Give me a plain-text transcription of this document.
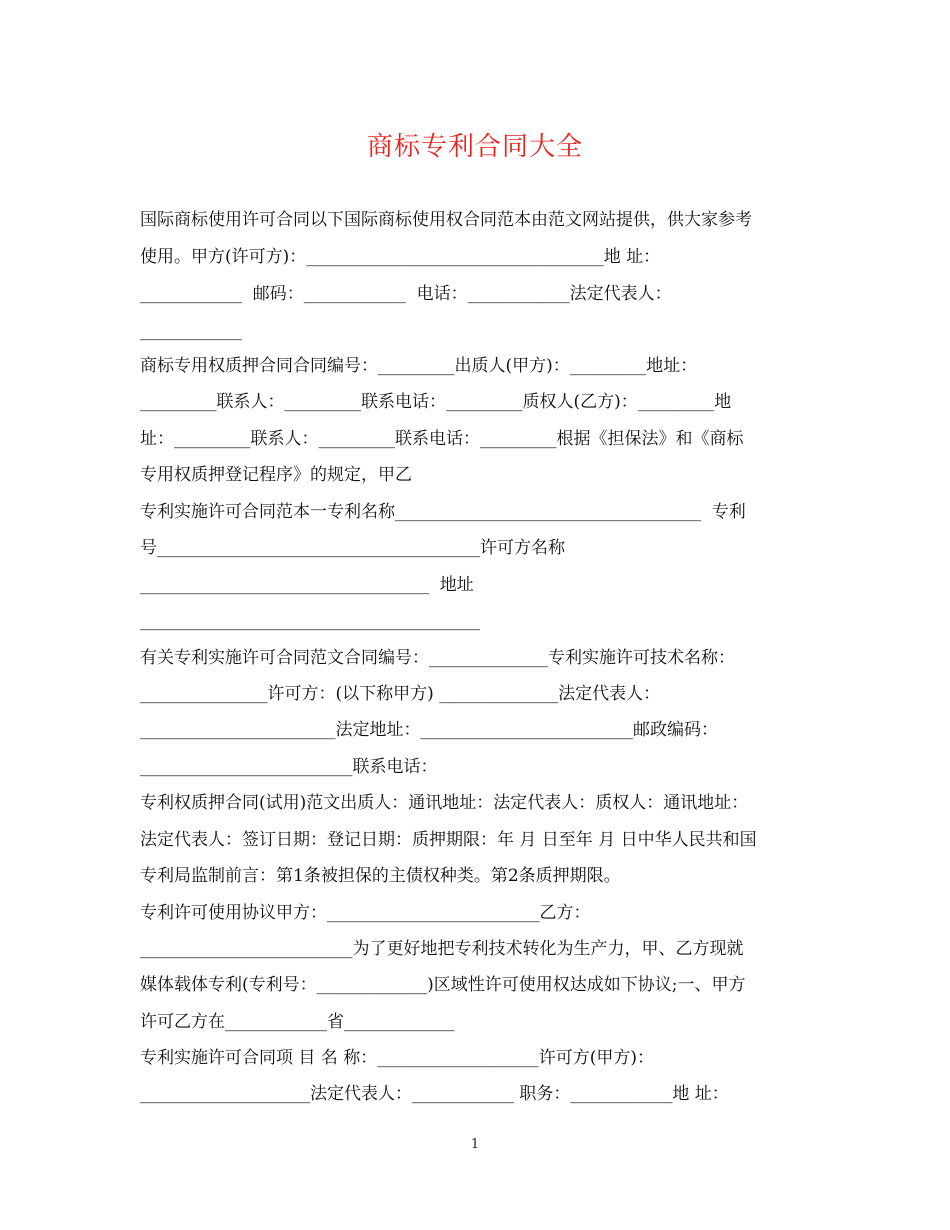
商标专利合同大全
国际商标使用许可合同以下国际商标使用权合同范本由范文网站提供，供大家参考
使用。甲方(许可方)：___________________________________地 址：
____________  邮码：____________  电话：____________法定代表人：
____________
商标专用权质押合同合同编号：_________出质人(甲方)：_________地址：
_________联系人：_________联系电话：_________质权人(乙方)：_________地
址：_________联系人：_________联系电话：_________根据《担保法》和《商标
专用权质押登记程序》的规定，甲乙
专利实施许可合同范本一专利名称____________________________________  专利
号______________________________________许可方名称
__________________________________  地址
________________________________________
有关专利实施许可合同范文合同编号：______________专利实施许可技术名称：
_______________许可方：(以下称甲方) ______________法定代表人：
_______________________法定地址：_________________________邮政编码：
_________________________联系电话：
专利权质押合同(试用)范文出质人：通讯地址：法定代表人：质权人：通讯地址：
法定代表人：签订日期：登记日期：质押期限：年 月 日至年 月 日中华人民共和国
专利局监制前言：第1条被担保的主债权种类。第2条质押期限。
专利许可使用协议甲方：_________________________乙方：
_________________________为了更好地把专利技术转化为生产力，甲、乙方现就
媒体载体专利(专利号：_____________)区域性许可使用权达成如下协议;一、甲方
许可乙方在____________省_____________
专利实施许可合同项 目 名 称：___________________许可方(甲方)：
____________________法定代表人：____________ 职务：____________地 址：
1
